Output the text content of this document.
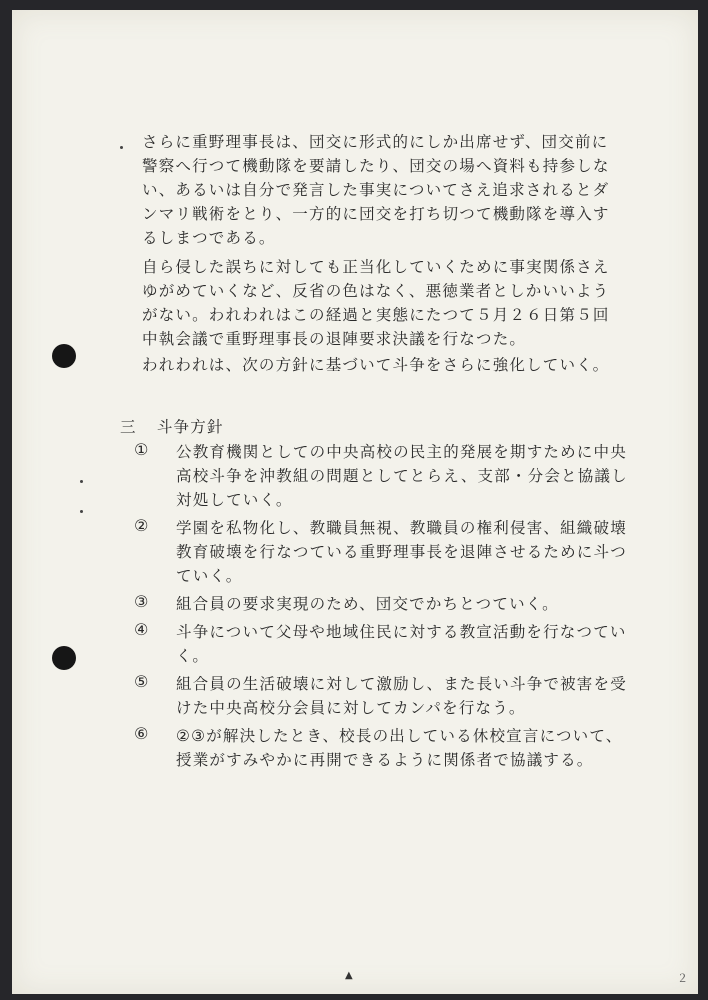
▲
さらに重野理事長は、団交に形式的にしか出席せず、団交前に
警察へ行つて機動隊を要請したり、団交の場へ資料も持参しな
い、あるいは自分で発言した事実についてさえ追求されるとダ
ンマリ戦術をとり、一方的に団交を打ち切つて機動隊を導入す
るしまつである。
自ら侵した誤ちに対しても正当化していくために事実関係さえ
ゆがめていくなど、反省の色はなく、悪徳業者としかいいよう
がない。われわれはこの経過と実態にたつて５月２６日第５回
中執会議で重野理事長の退陣要求決議を行なつた。
われわれは、次の方針に基づいて斗争をさらに強化していく。
三 斗争方針
①	公教育機関としての中央高校の民主的発展を期すために中央
高校斗争を沖教組の問題としてとらえ、支部・分会と協議し
対処していく。
②	学園を私物化し、教職員無視、教職員の権利侵害、組織破壊
教育破壊を行なつている重野理事長を退陣させるために斗つ
ていく。
③	組合員の要求実現のため、団交でかちとつていく。
④	斗争について父母や地域住民に対する教宣活動を行なつてい
く。
⑤	組合員の生活破壊に対して激励し、また長い斗争で被害を受
けた中央高校分会員に対してカンパを行なう。
⑥	②③が解決したとき、校長の出している休校宣言について、
授業がすみやかに再開できるように関係者で協議する。
２
